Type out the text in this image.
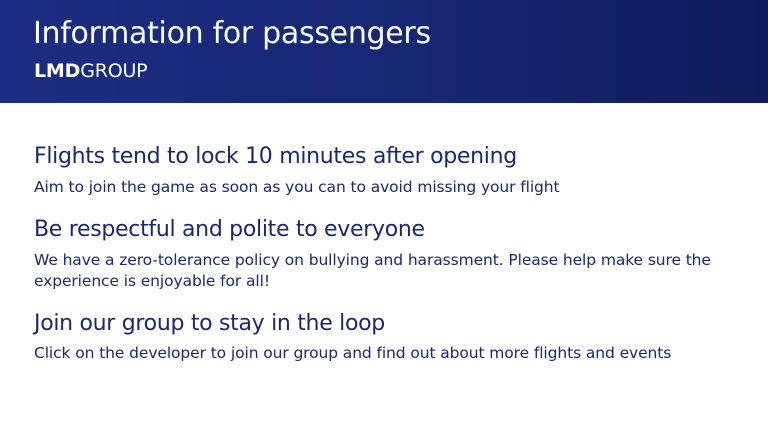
Information for passengers
LMDGROUP
Flights tend to lock 10 minutes after opening
Aim to join the game as soon as you can to avoid missing your flight
Be respectful and polite to everyone
We have a zero-tolerance policy on bullying and harassment. Please help make sure the experience is enjoyable for all!
Join our group to stay in the loop
Click on the developer to join our group and find out about more flights and events
